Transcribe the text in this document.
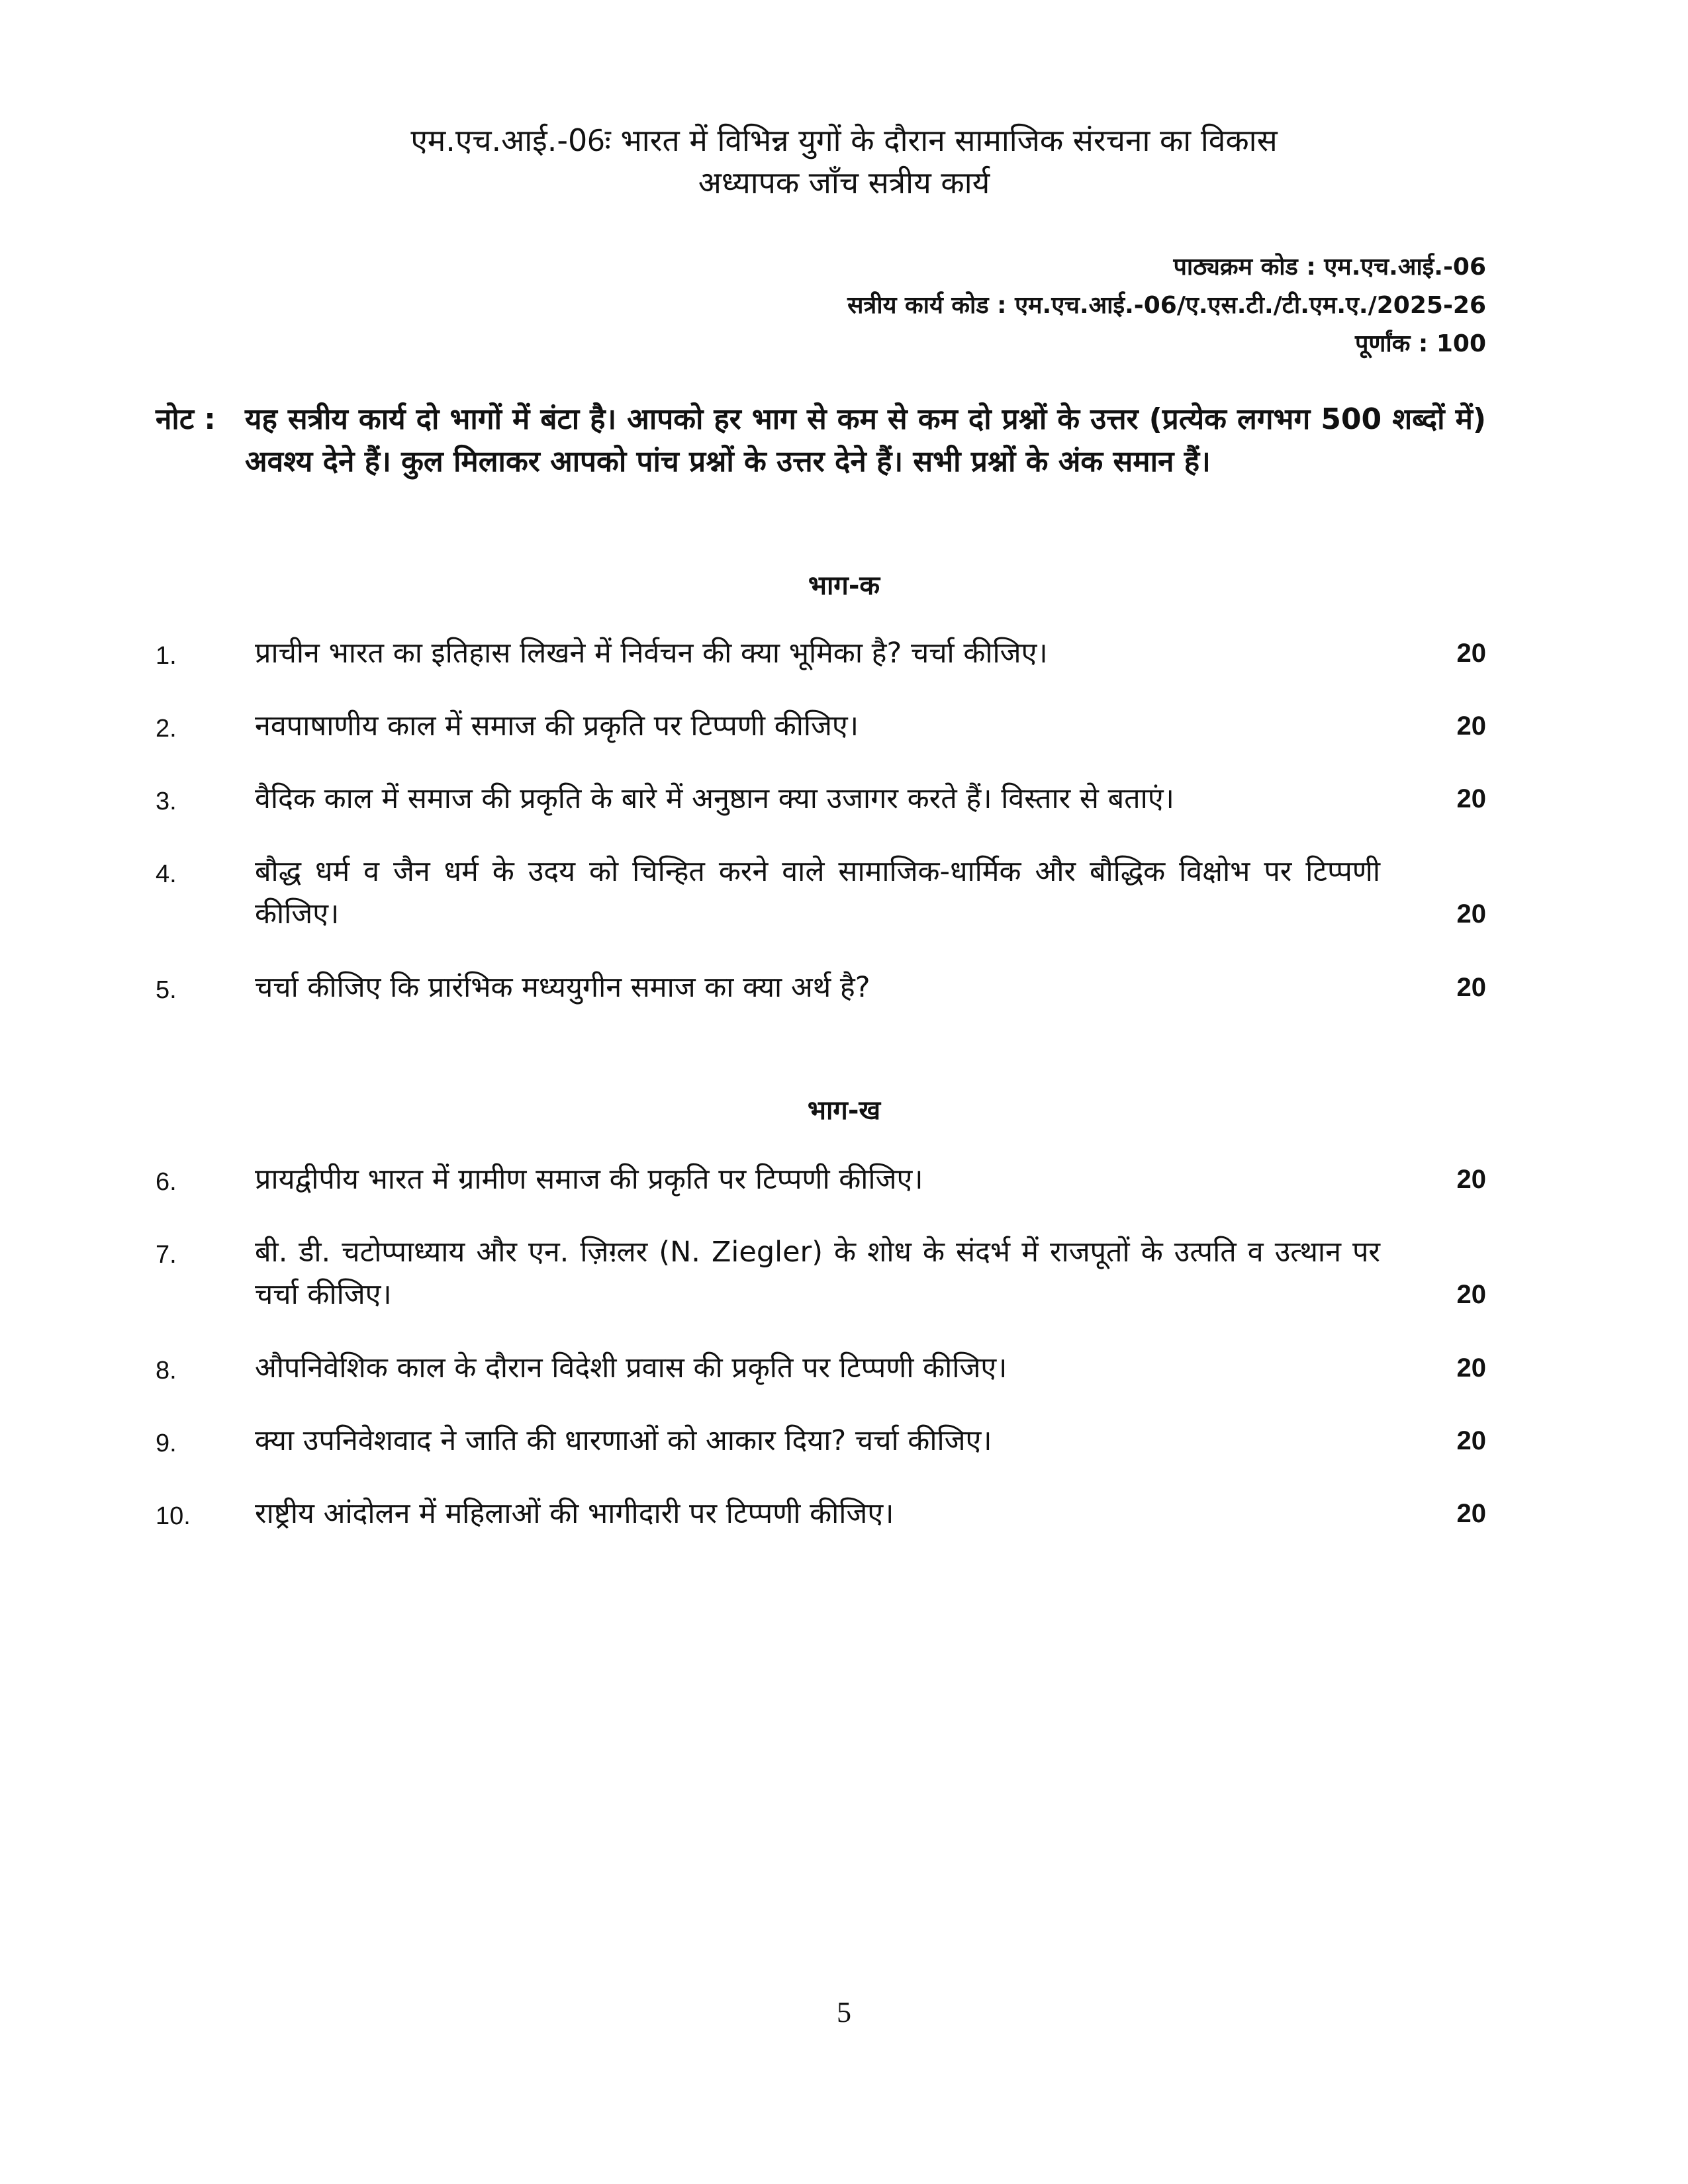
एम.एच.आई.-06ः भारत में विभिन्न युगों के दौरान सामाजिक संरचना का विकास
अध्यापक जाँच सत्रीय कार्य
पाठ्यक्रम कोड : एम.एच.आई.-06
सत्रीय कार्य कोड : एम.एच.आई.-06/ए.एस.टी./टी.एम.ए./2025-26
पूर्णांक : 100
नोट : यह सत्रीय कार्य दो भागों में बंटा है। आपको हर भाग से कम से कम दो प्रश्नों के उत्तर (प्रत्येक लगभग 500 शब्दों में) अवश्य देने हैं। कुल मिलाकर आपको पांच प्रश्नों के उत्तर देने हैं। सभी प्रश्नों के अंक समान हैं।
भाग-क
1.	प्राचीन भारत का इतिहास लिखने में निर्वचन की क्या भूमिका है? चर्चा कीजिए।	20
2.	नवपाषाणीय काल में समाज की प्रकृति पर टिप्पणी कीजिए।	20
3.	वैदिक काल में समाज की प्रकृति के बारे में अनुष्ठान क्या उजागर करते हैं। विस्तार से बताएं।	20
4.	बौद्ध धर्म व जैन धर्म के उदय को चिन्हित करने वाले सामाजिक-धार्मिक और बौद्धिक विक्षोभ पर टिप्पणी कीजिए।	20
5.	चर्चा कीजिए कि प्रारंभिक मध्ययुगीन समाज का क्या अर्थ है?	20
भाग-ख
6.	प्रायद्वीपीय भारत में ग्रामीण समाज की प्रकृति पर टिप्पणी कीजिए।	20
7.	बी. डी. चटोप्पाध्याय और एन. ज़िग़्लर (N. Ziegler) के शोध के संदर्भ में राजपूतों के उत्पति व उत्थान पर चर्चा कीजिए।	20
8.	औपनिवेशिक काल के दौरान विदेशी प्रवास की प्रकृति पर टिप्पणी कीजिए।	20
9.	क्या उपनिवेशवाद ने जाति की धारणाओं को आकार दिया? चर्चा कीजिए।	20
10. राष्ट्रीय आंदोलन में महिलाओं की भागीदारी पर टिप्पणी कीजिए।	20
5
